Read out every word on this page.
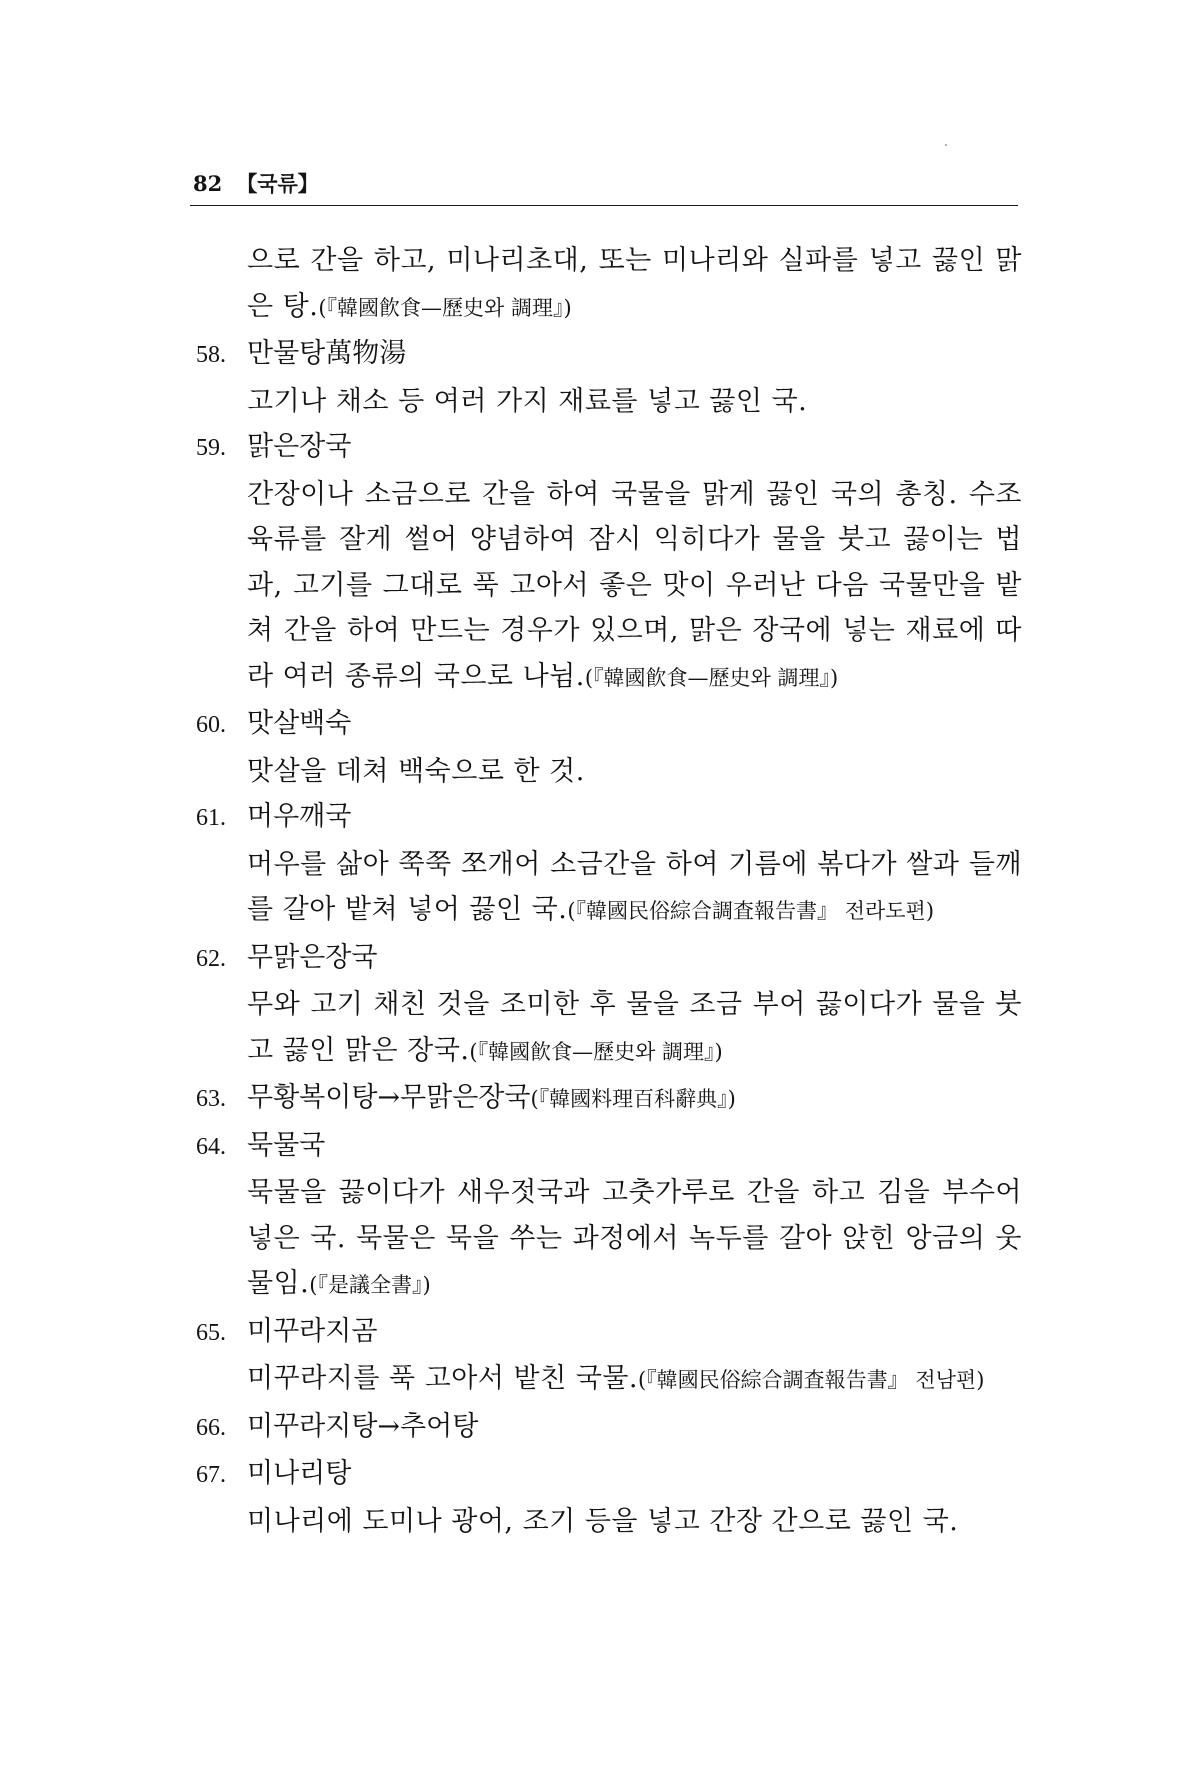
82 【국류】

으로 간을 하고, 미나리초대, 또는 미나리와 실파를 넣고 끓인 맑은 탕.(『韓國飮食—歷史와 調理』)

58. 만물탕萬物湯

고기나 채소 등 여러 가지 재료를 넣고 끓인 국.

59. 맑은장국

간장이나 소금으로 간을 하여 국물을 맑게 끓인 국의 총칭. 수조육류를 잘게 썰어 양념하여 잠시 익히다가 물을 붓고 끓이는 법과, 고기를 그대로 푹 고아서 좋은 맛이 우러난 다음 국물만을 밭쳐 간을 하여 만드는 경우가 있으며, 맑은 장국에 넣는 재료에 따라 여러 종류의 국으로 나뉨.(『韓國飮食—歷史와 調理』)

60. 맛살백숙

맛살을 데쳐 백숙으로 한 것.

61. 머우깨국

머우를 삶아 쭉쭉 쪼개어 소금간을 하여 기름에 볶다가 쌀과 들깨를 갈아 밭쳐 넣어 끓인 국.(『韓國民俗綜合調査報告書』 전라도편)

62. 무맑은장국

무와 고기 채친 것을 조미한 후 물을 조금 부어 끓이다가 물을 붓고 끓인 맑은 장국.(『韓國飮食—歷史와 調理』)

63. 무황복이탕→무맑은장국(『韓國料理百科辭典』)
64. 묵물국

묵물을 끓이다가 새우젓국과 고춧가루로 간을 하고 김을 부수어 넣은 국. 묵물은 묵을 쑤는 과정에서 녹두를 갈아 앉힌 앙금의 웃물임.(『是議全書』)

65. 미꾸라지곰

미꾸라지를 푹 고아서 밭친 국물.(『韓國民俗綜合調査報告書』 전남편)

66. 미꾸라지탕→추어탕
67. 미나리탕

미나리에 도미나 광어, 조기 등을 넣고 간장 간으로 끓인 국.
